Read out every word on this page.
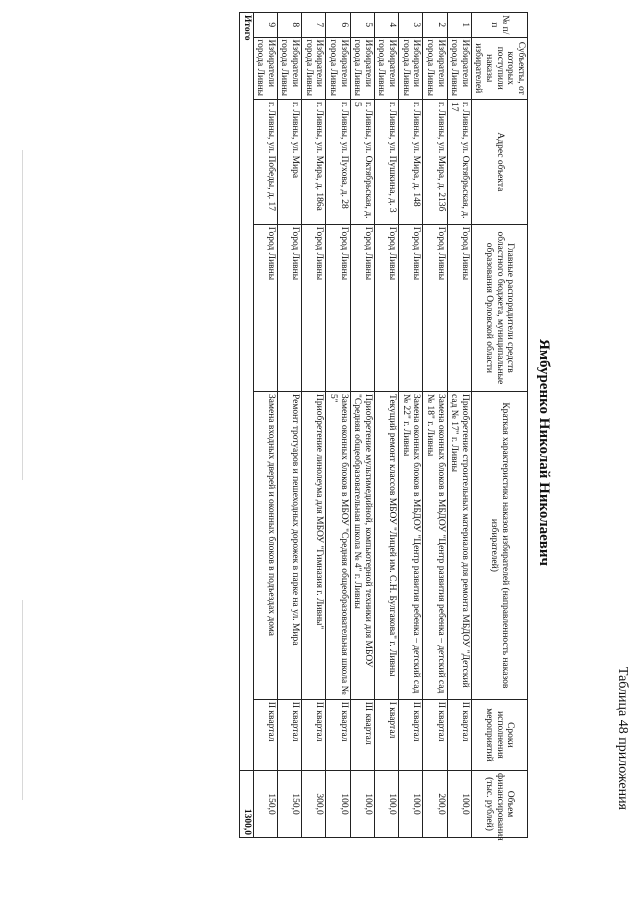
Таблица 48 приложения
Ямбуренко Николай Николаевич
№ п/п	Субъекты, от которых поступили наказы избирателей	Адрес объекта	Главные распорядители средств областного бюджета, муниципальные образования Орловской области	Краткая характеристика наказов избирателей (направленность наказов избирателей)	Сроки исполнения мероприятий	Объем финансирования (тыс. рублей)
1	Избиратели города Ливны	г. Ливны, ул. Октябрьская, д. 17	Город Ливны	Приобретение строительных материалов для ремонта МБДОУ "Детский сад № 17" г. Ливны	II квартал	100,0
2	Избиратели города Ливны	г. Ливны, ул. Мира, д. 213б	Город Ливны	Замена оконных блоков в МБДОУ "Центр развития ребенка – детский сад № 18" г. Ливны	II квартал	200,0
3	Избиратели города Ливны	г. Ливны, ул. Мира, д. 148	Город Ливны	Замена оконных блоков в МБДОУ "Центр развития ребенка – детский сад № 22" г. Ливны	II квартал	100,0
4	Избиратели города Ливны	г. Ливны, ул. Пушкина, д. 3	Город Ливны	Текущий ремонт классов МБОУ "Лицей им. С.Н. Булгакова" г. Ливны	I квартал	100,0
5	Избиратели города Ливны	г. Ливны, ул. Октябрьская, д. 5	Город Ливны	Приобретение мультимедийной, компьютерной техники для МБОУ "Средняя общеобразовательная школа № 4" г. Ливны	III квартал	100,0
6	Избиратели города Ливны	г. Ливны, ул. Пухова, д. 28	Город Ливны	Замена оконных блоков в МБОУ "Средняя общеобразовательная школа № 5"	II квартал	100,0
7	Избиратели города Ливны	г. Ливны, ул. Мира, д. 186а	Город Ливны	Приобретение линолеума для МБОУ "Гимназия г. Ливны"	II квартал	300,0
8	Избиратели города Ливны	г. Ливны, ул. Мира	Город Ливны	Ремонт тротуаров и пешеходных дорожек в парке на ул. Мира	II квартал	150,0
9	Избиратели города Ливны	г. Ливны, ул. Победы, д. 17	Город Ливны	Замена входных дверей и оконных блоков в подъездах дома	II квартал	150,0
Итого						1300,0
